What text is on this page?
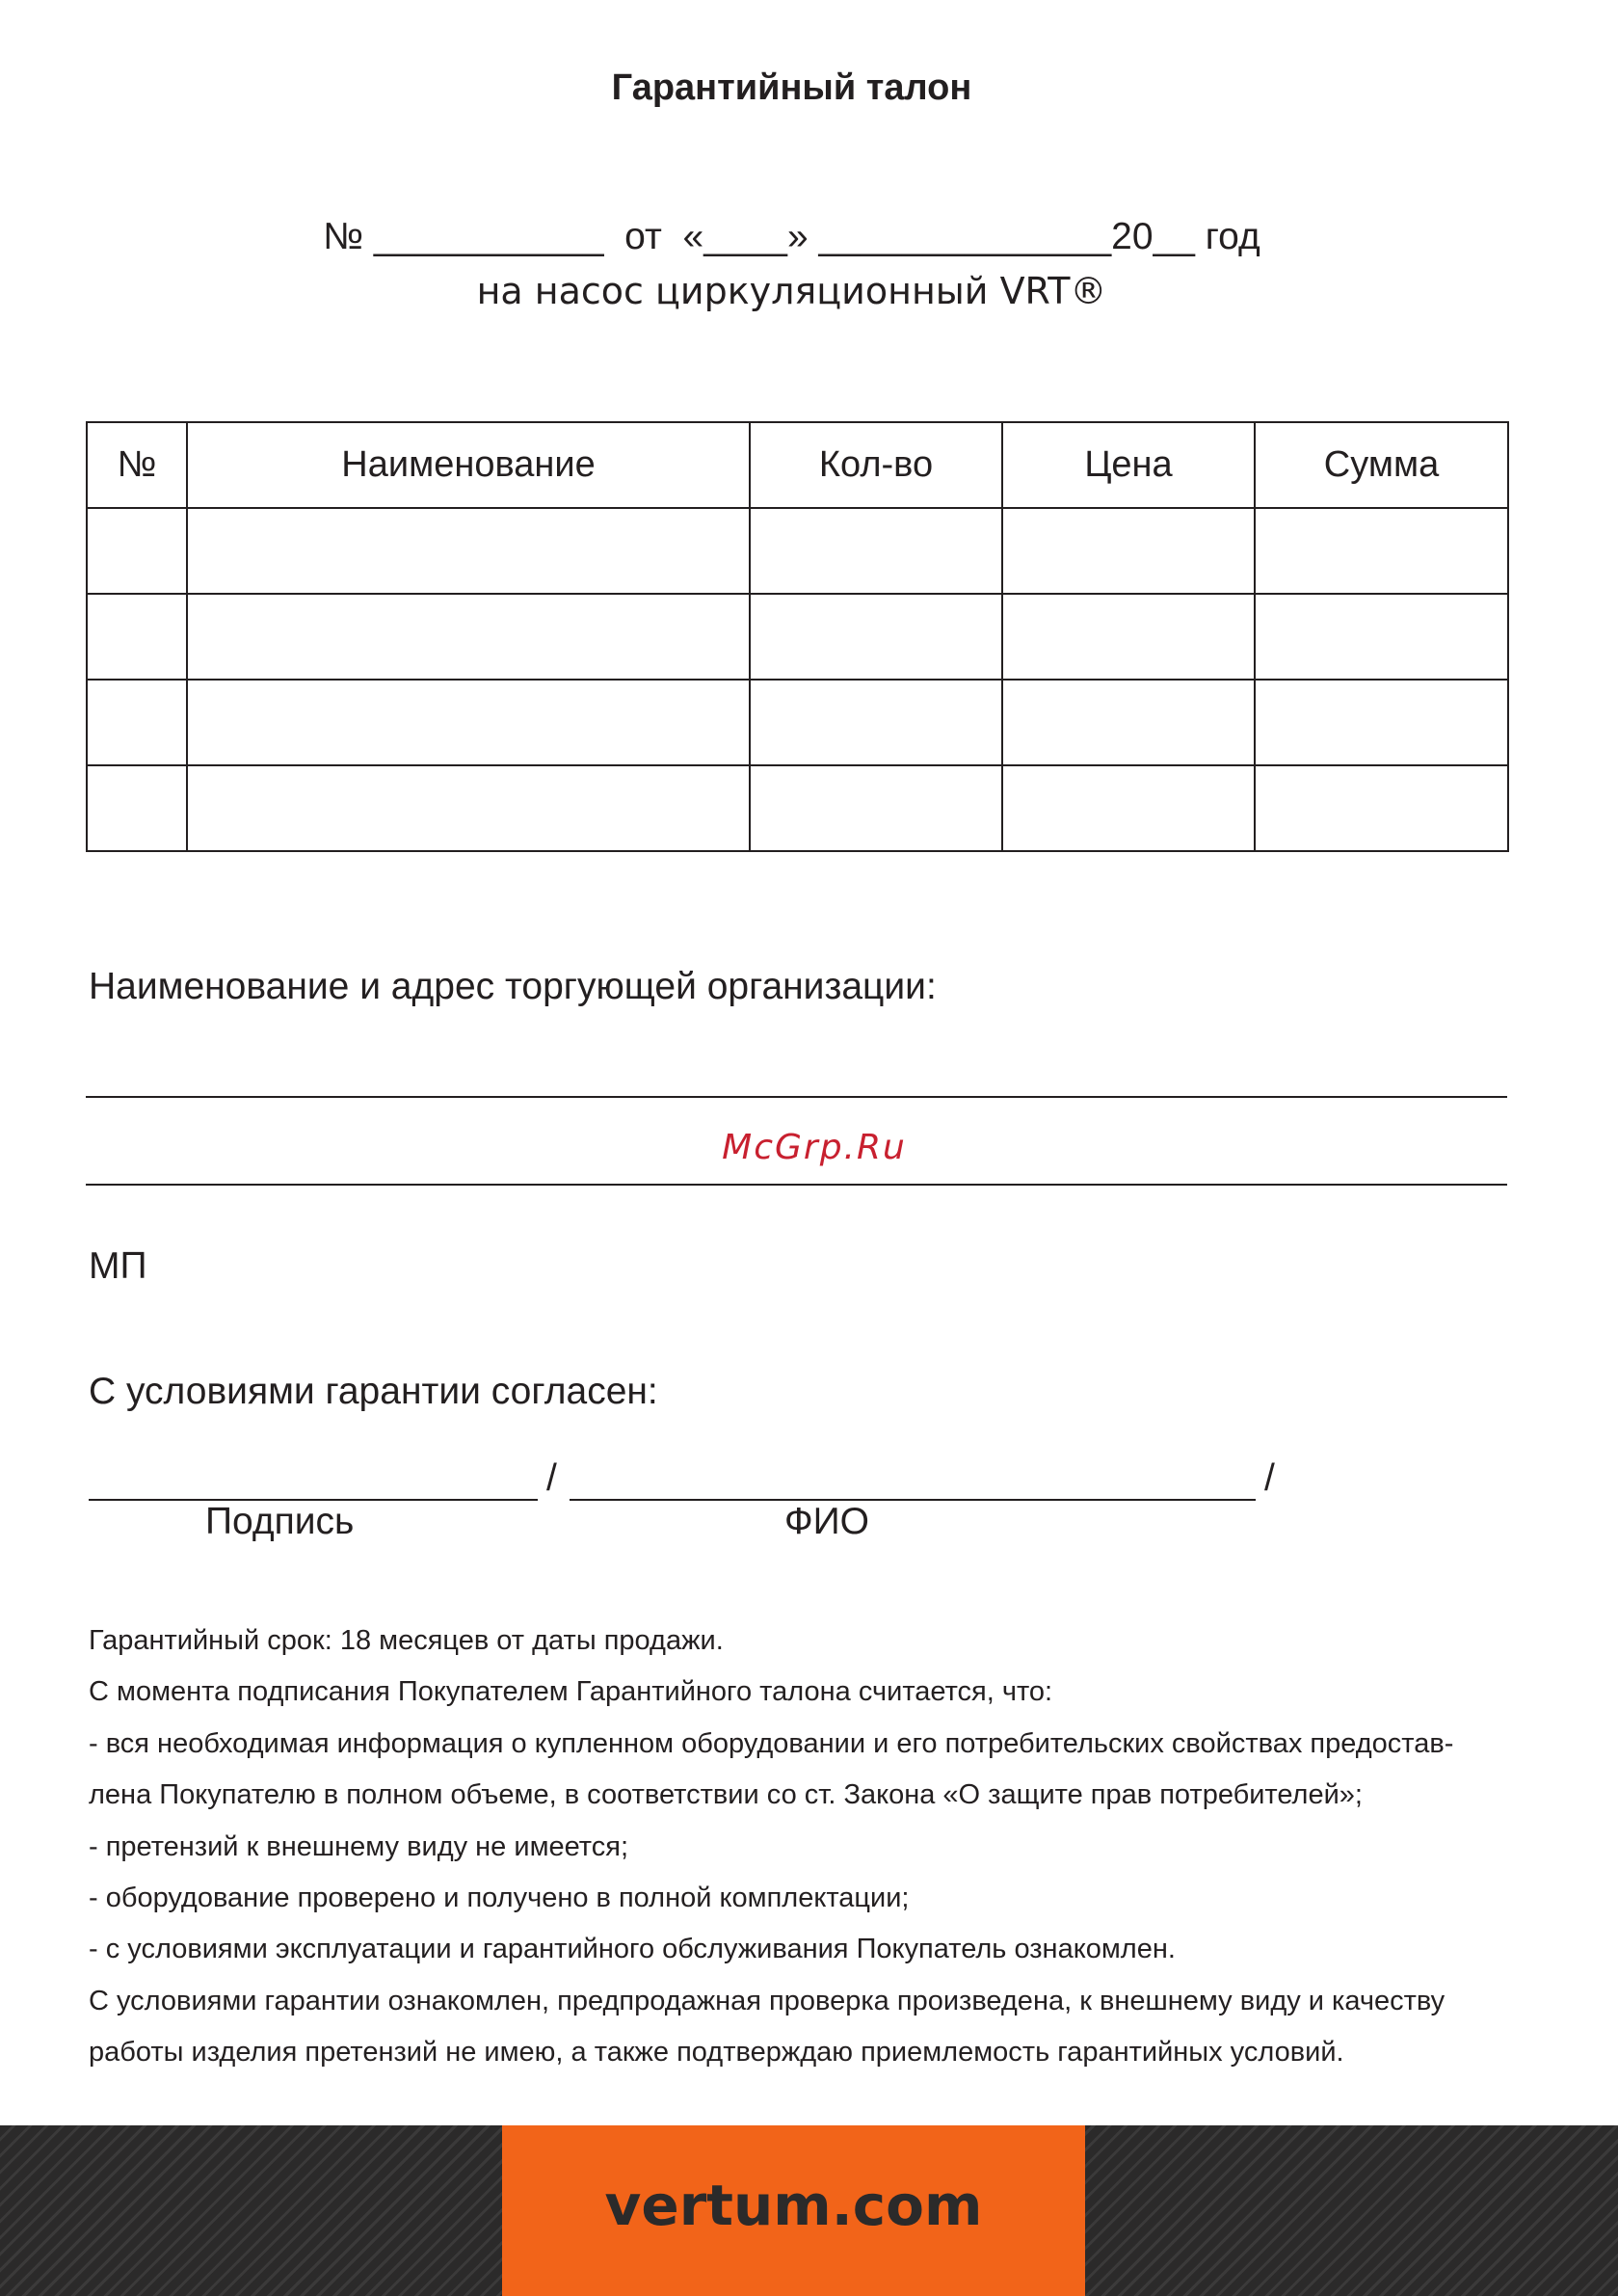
Гарантийный талон
№ ___________  от  «____» ______________20__ год
на насос циркуляционный VRT®
№	Наименование	Кол-во	Цена	Сумма

Наименование и адрес торгующей организации:
McGrp.Ru
МП
С условиями гарантии согласен:
/	/
Подпись	ФИО

Гарантийный срок: 18 месяцев от даты продажи.

С момента подписания Покупателем Гарантийного талона считается, что:

- вся необходимая информация о купленном оборудовании и его потребительских свойствах предостав-

лена Покупателю в полном объеме, в соответствии со ст. Закона «О защите прав потребителей»;

- претензий к внешнему виду не имеется;

- оборудование проверено и получено в полной комплектации;

- с условиями эксплуатации и гарантийного обслуживания Покупатель ознакомлен.

С условиями гарантии ознакомлен, предпродажная проверка произведена, к внешнему виду и качеству

работы изделия претензий не имею, а также подтверждаю приемлемость гарантийных условий.

vertum.com
